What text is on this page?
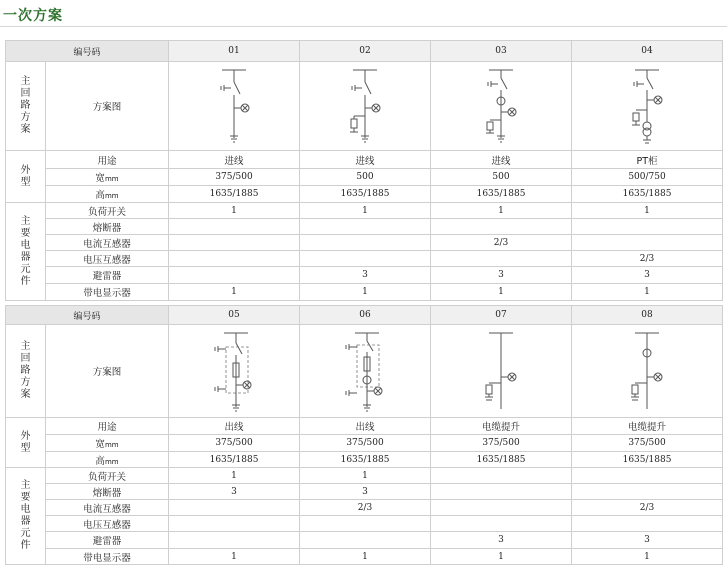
一次方案
编号码		01	02	03	04

主回路方案	方案图	

外型	用途	进线	进线	进线	PT柜
	宽mm	375/500	500	500	500/750
	高mm	1635/1885	1635/1885	1635/1885	1635/1885

主要电器元件	负荷开关	1	1	1	1
	熔断器				
	电流互感器			2/3	
	电压互感器				2/3
	避雷器		3	3	3
	带电显示器	1	1	1	1
编号码		05	06	07	08

主回路方案	方案图	

外型	用途	出线	出线	电缆提升	电缆提升
	宽mm	375/500	375/500	375/500	375/500
	高mm	1635/1885	1635/1885	1635/1885	1635/1885

主要电器元件	负荷开关	1	1		
	熔断器	3	3		
	电流互感器		2/3		2/3
	电压互感器				
	避雷器			3	3
	带电显示器	1	1	1	1
